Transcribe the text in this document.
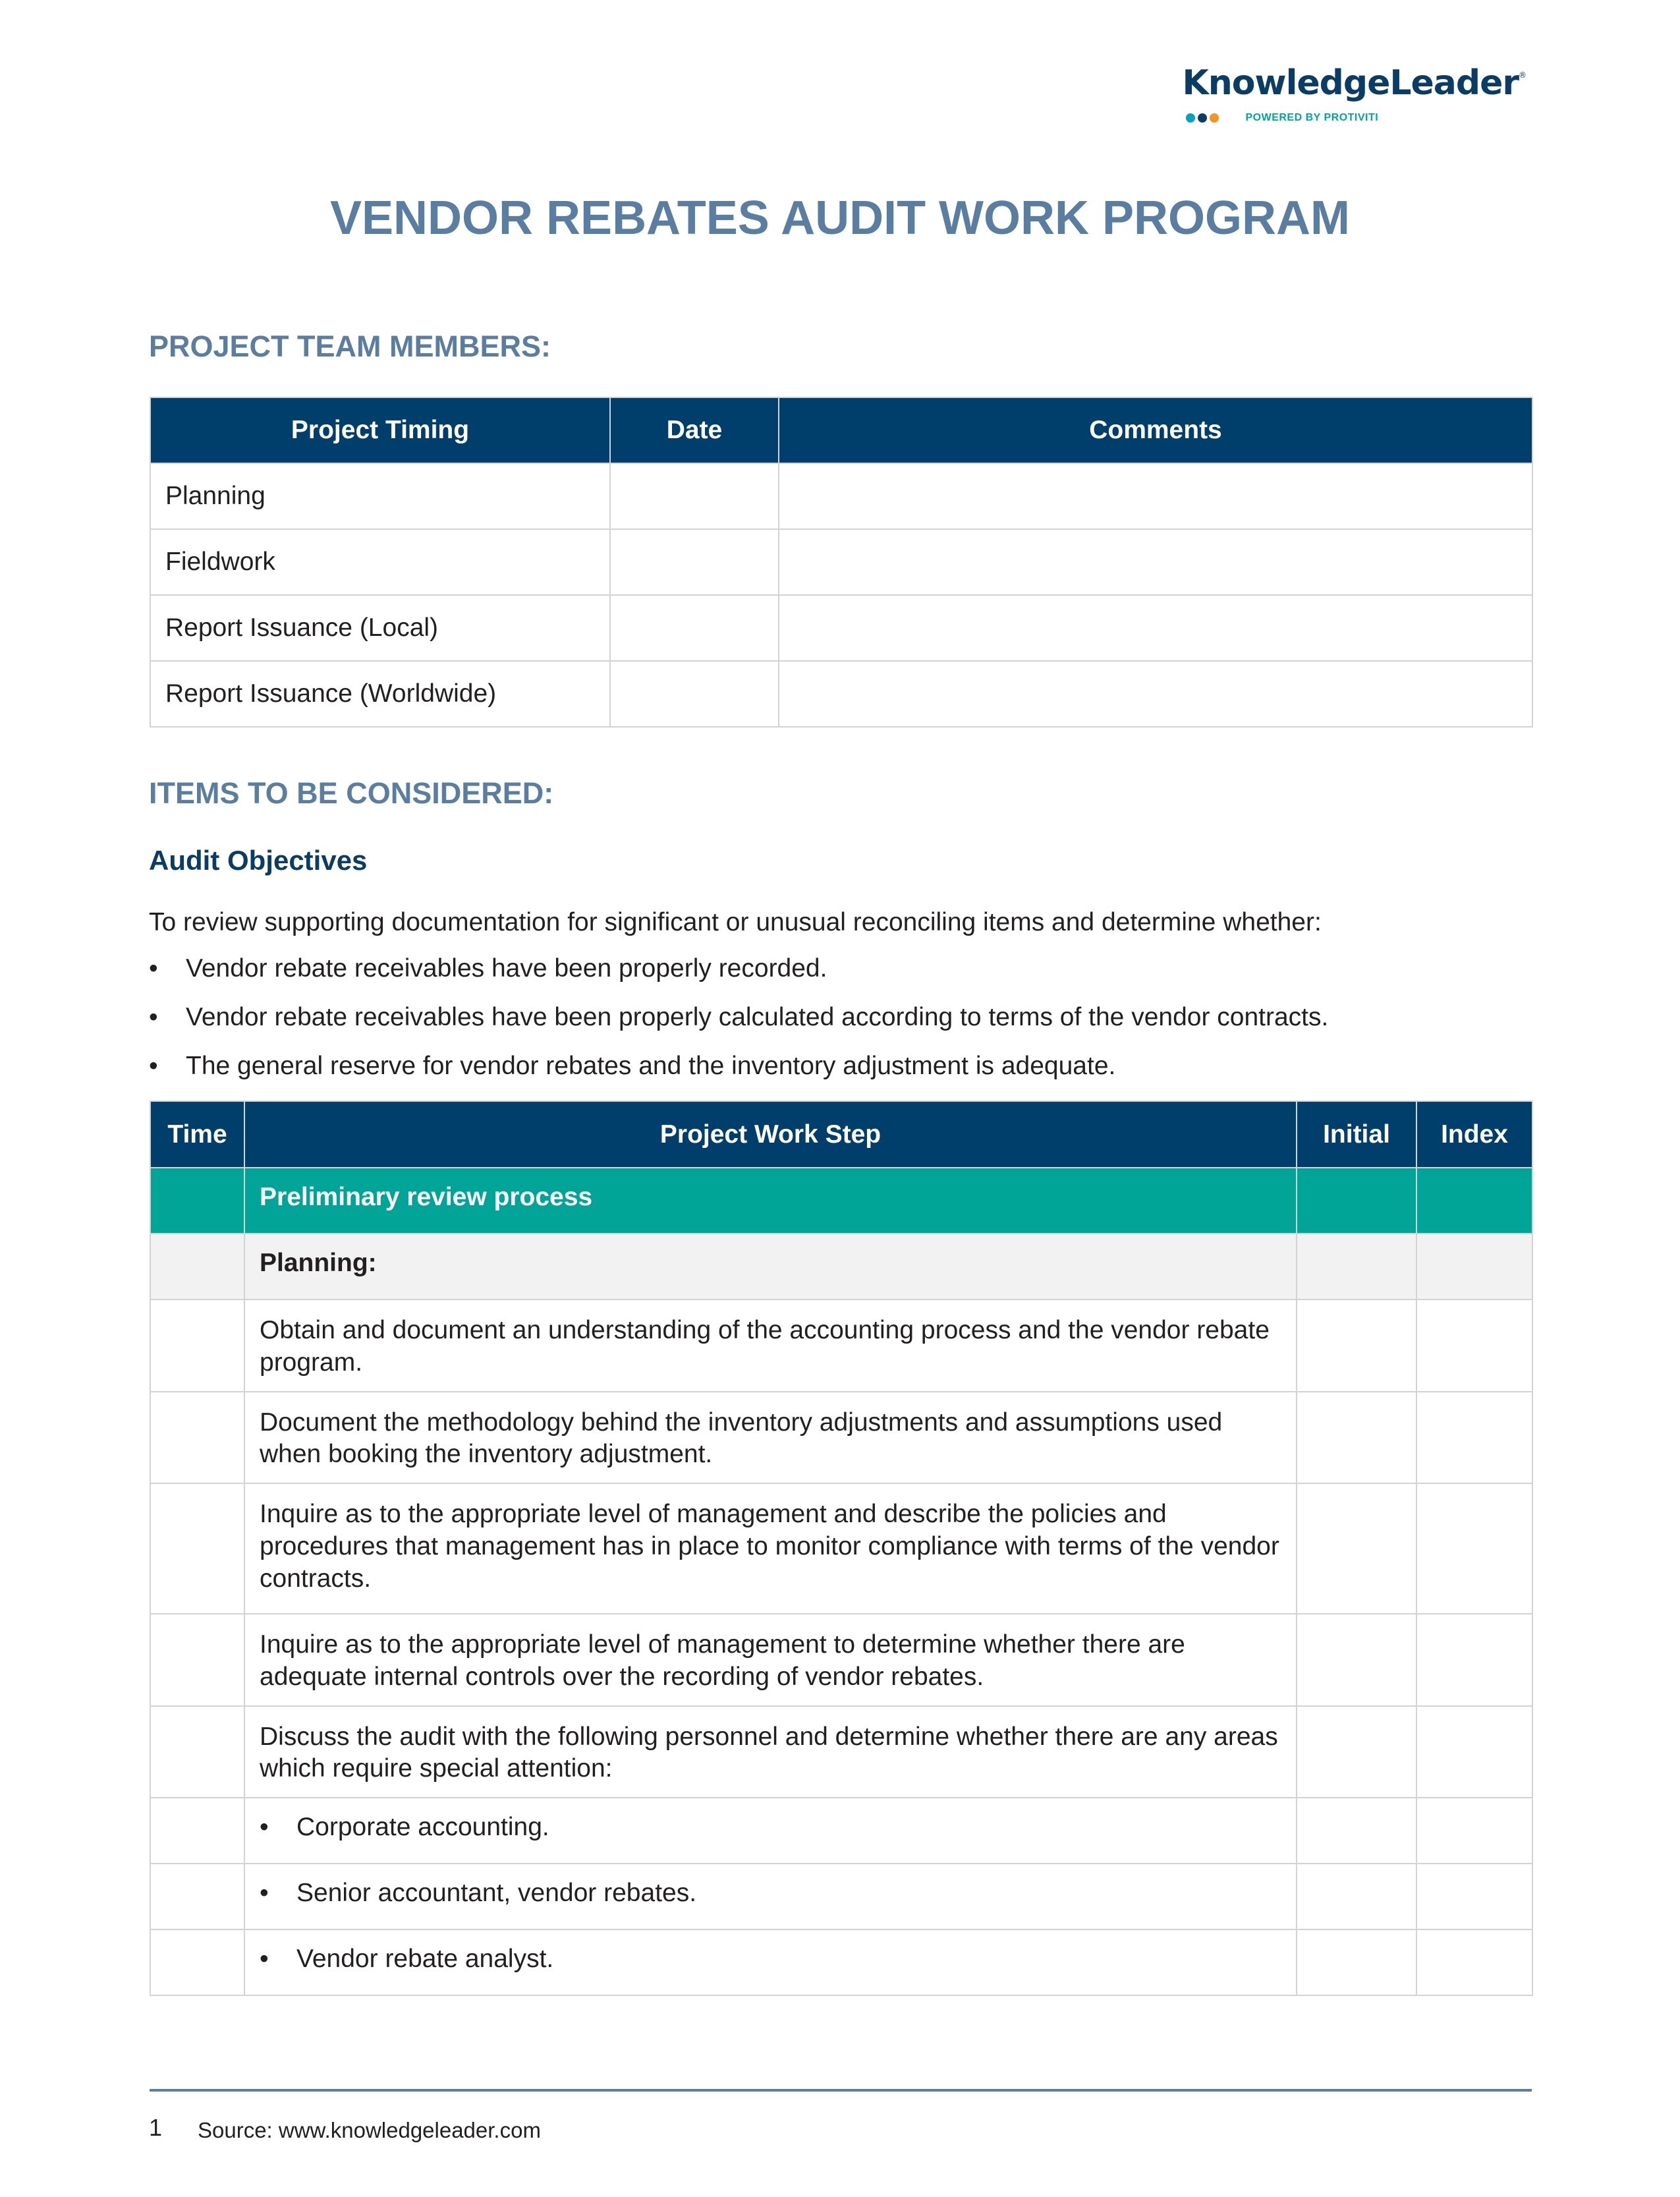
KnowledgeLeader®
POWERED BY PROTIVITI
VENDOR REBATES AUDIT WORK PROGRAM
PROJECT TEAM MEMBERS:
Project Timing	Date	Comments
Planning		
Fieldwork		
Report Issuance (Local)		
Report Issuance (Worldwide)		
ITEMS TO BE CONSIDERED:
Audit Objectives

To review supporting documentation for significant or unusual reconciling items and determine whether:

•	Vendor rebate receivables have been properly recorded.
•	Vendor rebate receivables have been properly calculated according to terms of the vendor contracts.
•	The general reserve for vendor rebates and the inventory adjustment is adequate.
Time	Project Work Step	Initial	Index
	Preliminary review process		
	Planning:		
	Obtain and document an understanding of the accounting process and the vendor rebate program.		
	Document the methodology behind the inventory adjustments and assumptions used when booking the inventory adjustment.		
	Inquire as to the appropriate level of management and describe the policies and procedures that management has in place to monitor compliance with terms of the vendor contracts.		
	Inquire as to the appropriate level of management to determine whether there are adequate internal controls over the recording of vendor rebates.		
	Discuss the audit with the following personnel and determine whether there are any areas which require special attention:		
	• Corporate accounting.		
	• Senior accountant, vendor rebates.		
	• Vendor rebate analyst.		
1 Source: www.knowledgeleader.com
